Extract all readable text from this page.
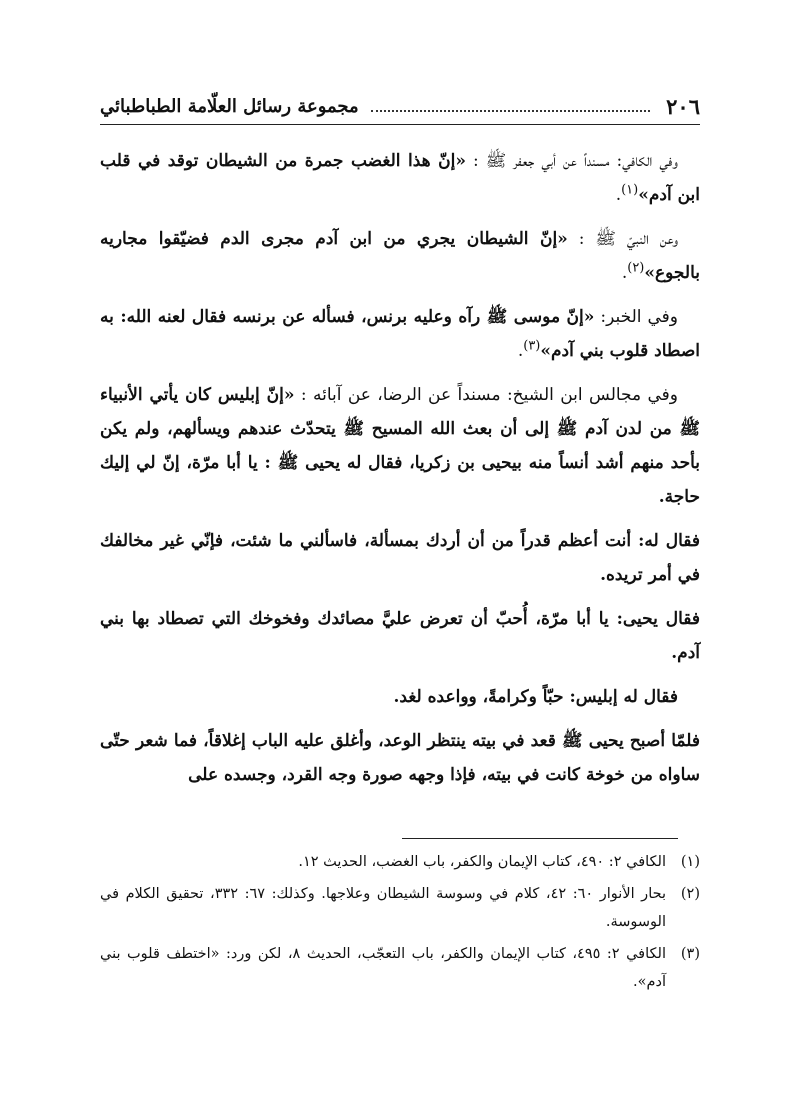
٢٠٦
مجموعة رسائل العلّامة الطباطبائي

وفي الكافي: مسنداً عن أبي جعفر ﷺ : «إنّ هذا الغضب جمرة من الشيطان توقد في قلب ابن آدم»$^{(١)}$.

وعن النبيّ ﷺ : «إنّ الشيطان يجري من ابن آدم مجرى الدم فضيّقوا مجاريه بالجوع»$^{(٢)}$.

وفي الخبر: «إنّ موسى ﷺ رآه وعليه برنس، فسأله عن برنسه فقال لعنه الله: به اصطاد قلوب بني آدم»$^{(٣)}$.

وفي مجالس ابن الشيخ: مسنداً عن الرضا، عن آبائه : «إنّ إبليس كان يأتي الأنبياء ﷺ من لدن آدم ﷺ إلى أن بعث الله المسيح ﷺ يتحدّث عندهم ويسألهم، ولم يكن بأحد منهم أشد أنساً منه بيحيى بن زكريا، فقال له يحيى ﷺ : يا أبا مرّة، إنّ لي إليك حاجة.

فقال له: أنت أعظم قدراً من أن أردك بمسألة، فاسألني ما شئت، فإنّي غير مخالفك في أمر تريده.

فقال يحيى: يا أبا مرّة، أُحبّ أن تعرض عليَّ مصائدك وفخوخك التي تصطاد بها بني آدم.

فقال له إبليس: حبّاً وكرامةً، وواعده لغد.

فلمّا أصبح يحيى ﷺ قعد في بيته ينتظر الوعد، وأغلق عليه الباب إغلاقاً، فما شعر حتّى ساواه من خوخة كانت في بيته، فإذا وجهه صورة وجه القرد، وجسده على

(١)
الكافي ٢: ٤٩٠، كتاب الإيمان والكفر، باب الغضب، الحديث ١٢.
(٢)
بحار الأنوار ٦٠: ٤٢، كلام في وسوسة الشيطان وعلاجها. وكذلك: ٦٧: ٣٣٢، تحقيق الكلام في الوسوسة.
(٣)
الكافي ٢: ٤٩٥، كتاب الإيمان والكفر، باب التعجّب، الحديث ٨، لكن ورد: «اختطف قلوب بني آدم».
